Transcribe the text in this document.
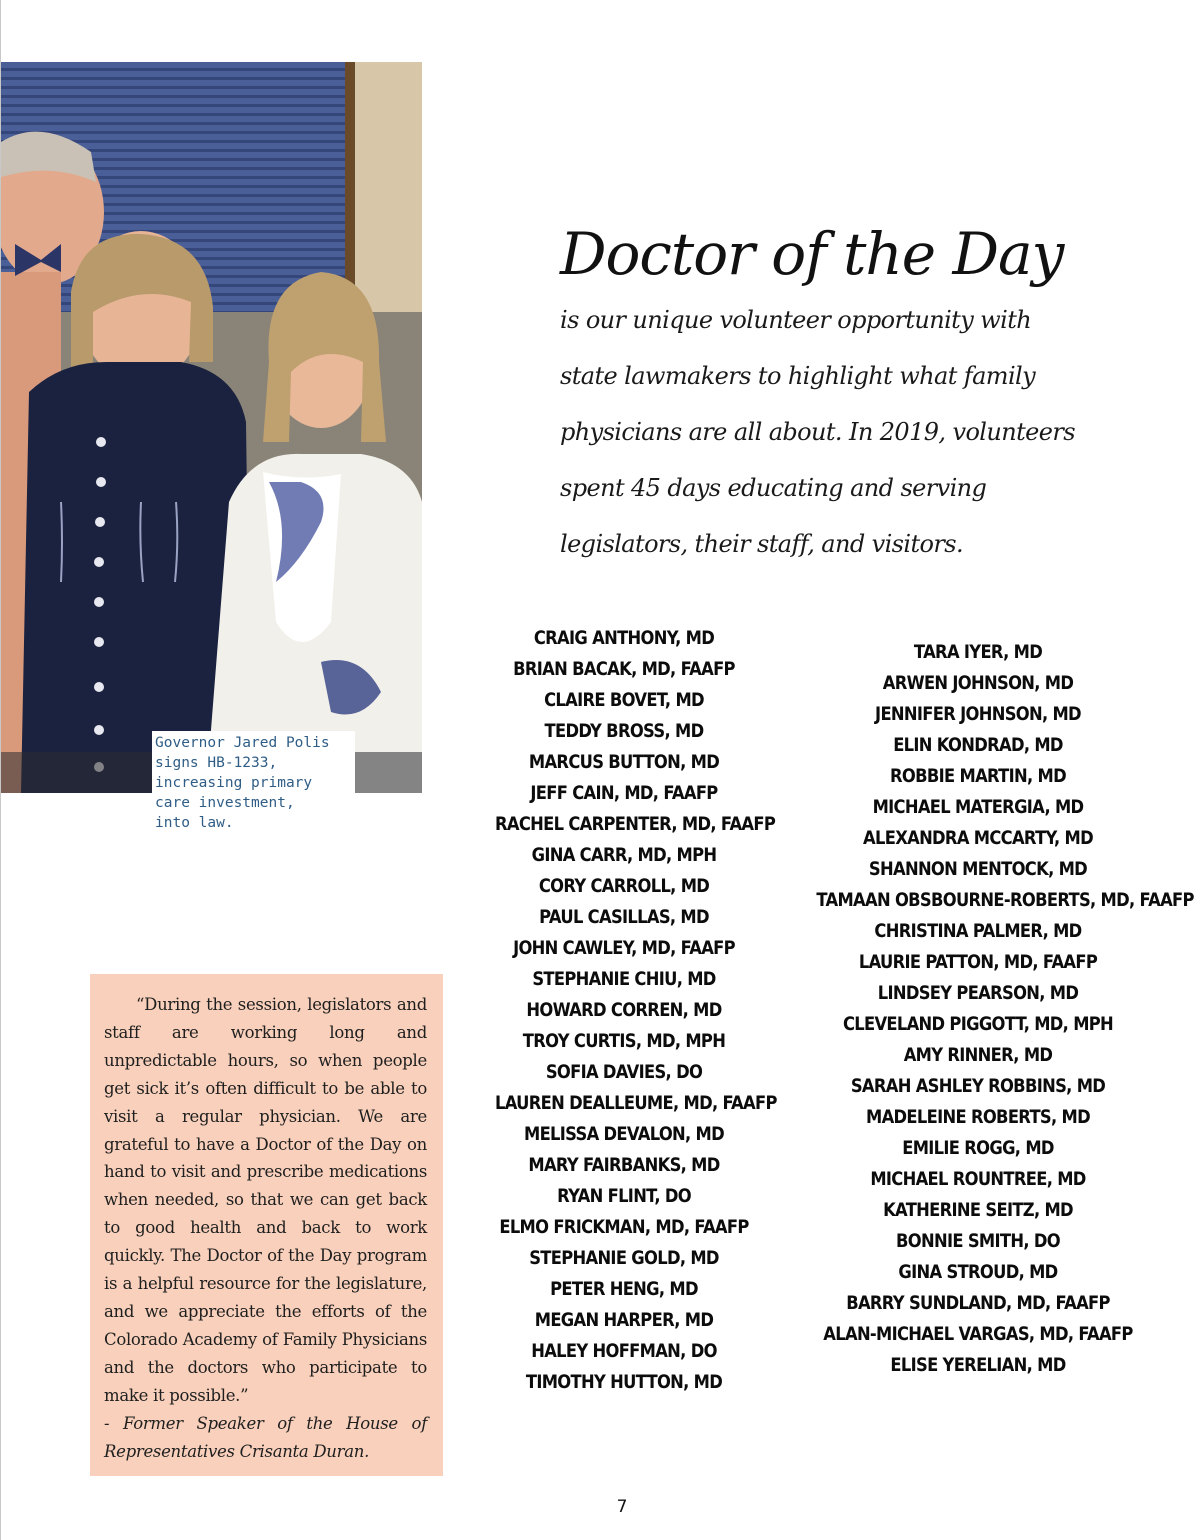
Governor Jared Polis
signs HB-1233,
increasing primary
care investment,
into law.
Doctor of the Day

is our unique volunteer opportunity with state lawmakers to highlight what family physicians are all about. In 2019, volunteers spent 45 days educating and serving legislators, their staff, and visitors.

CRAIG ANTHONY, MD
BRIAN BACAK, MD, FAAFP
CLAIRE BOVET, MD
TEDDY BROSS, MD
MARCUS BUTTON, MD
JEFF CAIN, MD, FAAFP
RACHEL CARPENTER, MD, FAAFP
GINA CARR, MD, MPH
CORY CARROLL, MD
PAUL CASILLAS, MD
JOHN CAWLEY, MD, FAAFP
STEPHANIE CHIU, MD
HOWARD CORREN, MD
TROY CURTIS, MD, MPH
SOFIA DAVIES, DO
LAUREN DEALLEUME, MD, FAAFP
MELISSA DEVALON, MD
MARY FAIRBANKS, MD
RYAN FLINT, DO
ELMO FRICKMAN, MD, FAAFP
STEPHANIE GOLD, MD
PETER HENG, MD
MEGAN HARPER, MD
HALEY HOFFMAN, DO
TIMOTHY HUTTON, MD
TARA IYER, MD
ARWEN JOHNSON, MD
JENNIFER JOHNSON, MD
ELIN KONDRAD, MD
ROBBIE MARTIN, MD
MICHAEL MATERGIA, MD
ALEXANDRA MCCARTY, MD
SHANNON MENTOCK, MD
TAMAAN OBSBOURNE-ROBERTS, MD, FAAFP
CHRISTINA PALMER, MD
LAURIE PATTON, MD, FAAFP
LINDSEY PEARSON, MD
CLEVELAND PIGGOTT, MD, MPH
AMY RINNER, MD
SARAH ASHLEY ROBBINS, MD
MADELEINE ROBERTS, MD
EMILIE ROGG, MD
MICHAEL ROUNTREE, MD
KATHERINE SEITZ, MD
BONNIE SMITH, DO
GINA STROUD, MD
BARRY SUNDLAND, MD, FAAFP
ALAN-MICHAEL VARGAS, MD, FAAFP
ELISE YERELIAN, MD

“During the session, legislators and staff are working long and unpredictable hours, so when people get sick it’s often difficult to be able to visit a regular physician. We are grateful to have a Doctor of the Day on hand to visit and prescribe medications when needed, so that we can get back to good health and back to work quickly. The Doctor of the Day program is a helpful resource for the legislature, and we appreciate the efforts of the Colorado Academy of Family Physicians and the doctors who participate to make it possible.”

- Former Speaker of the House of Representatives Crisanta Duran.

7
